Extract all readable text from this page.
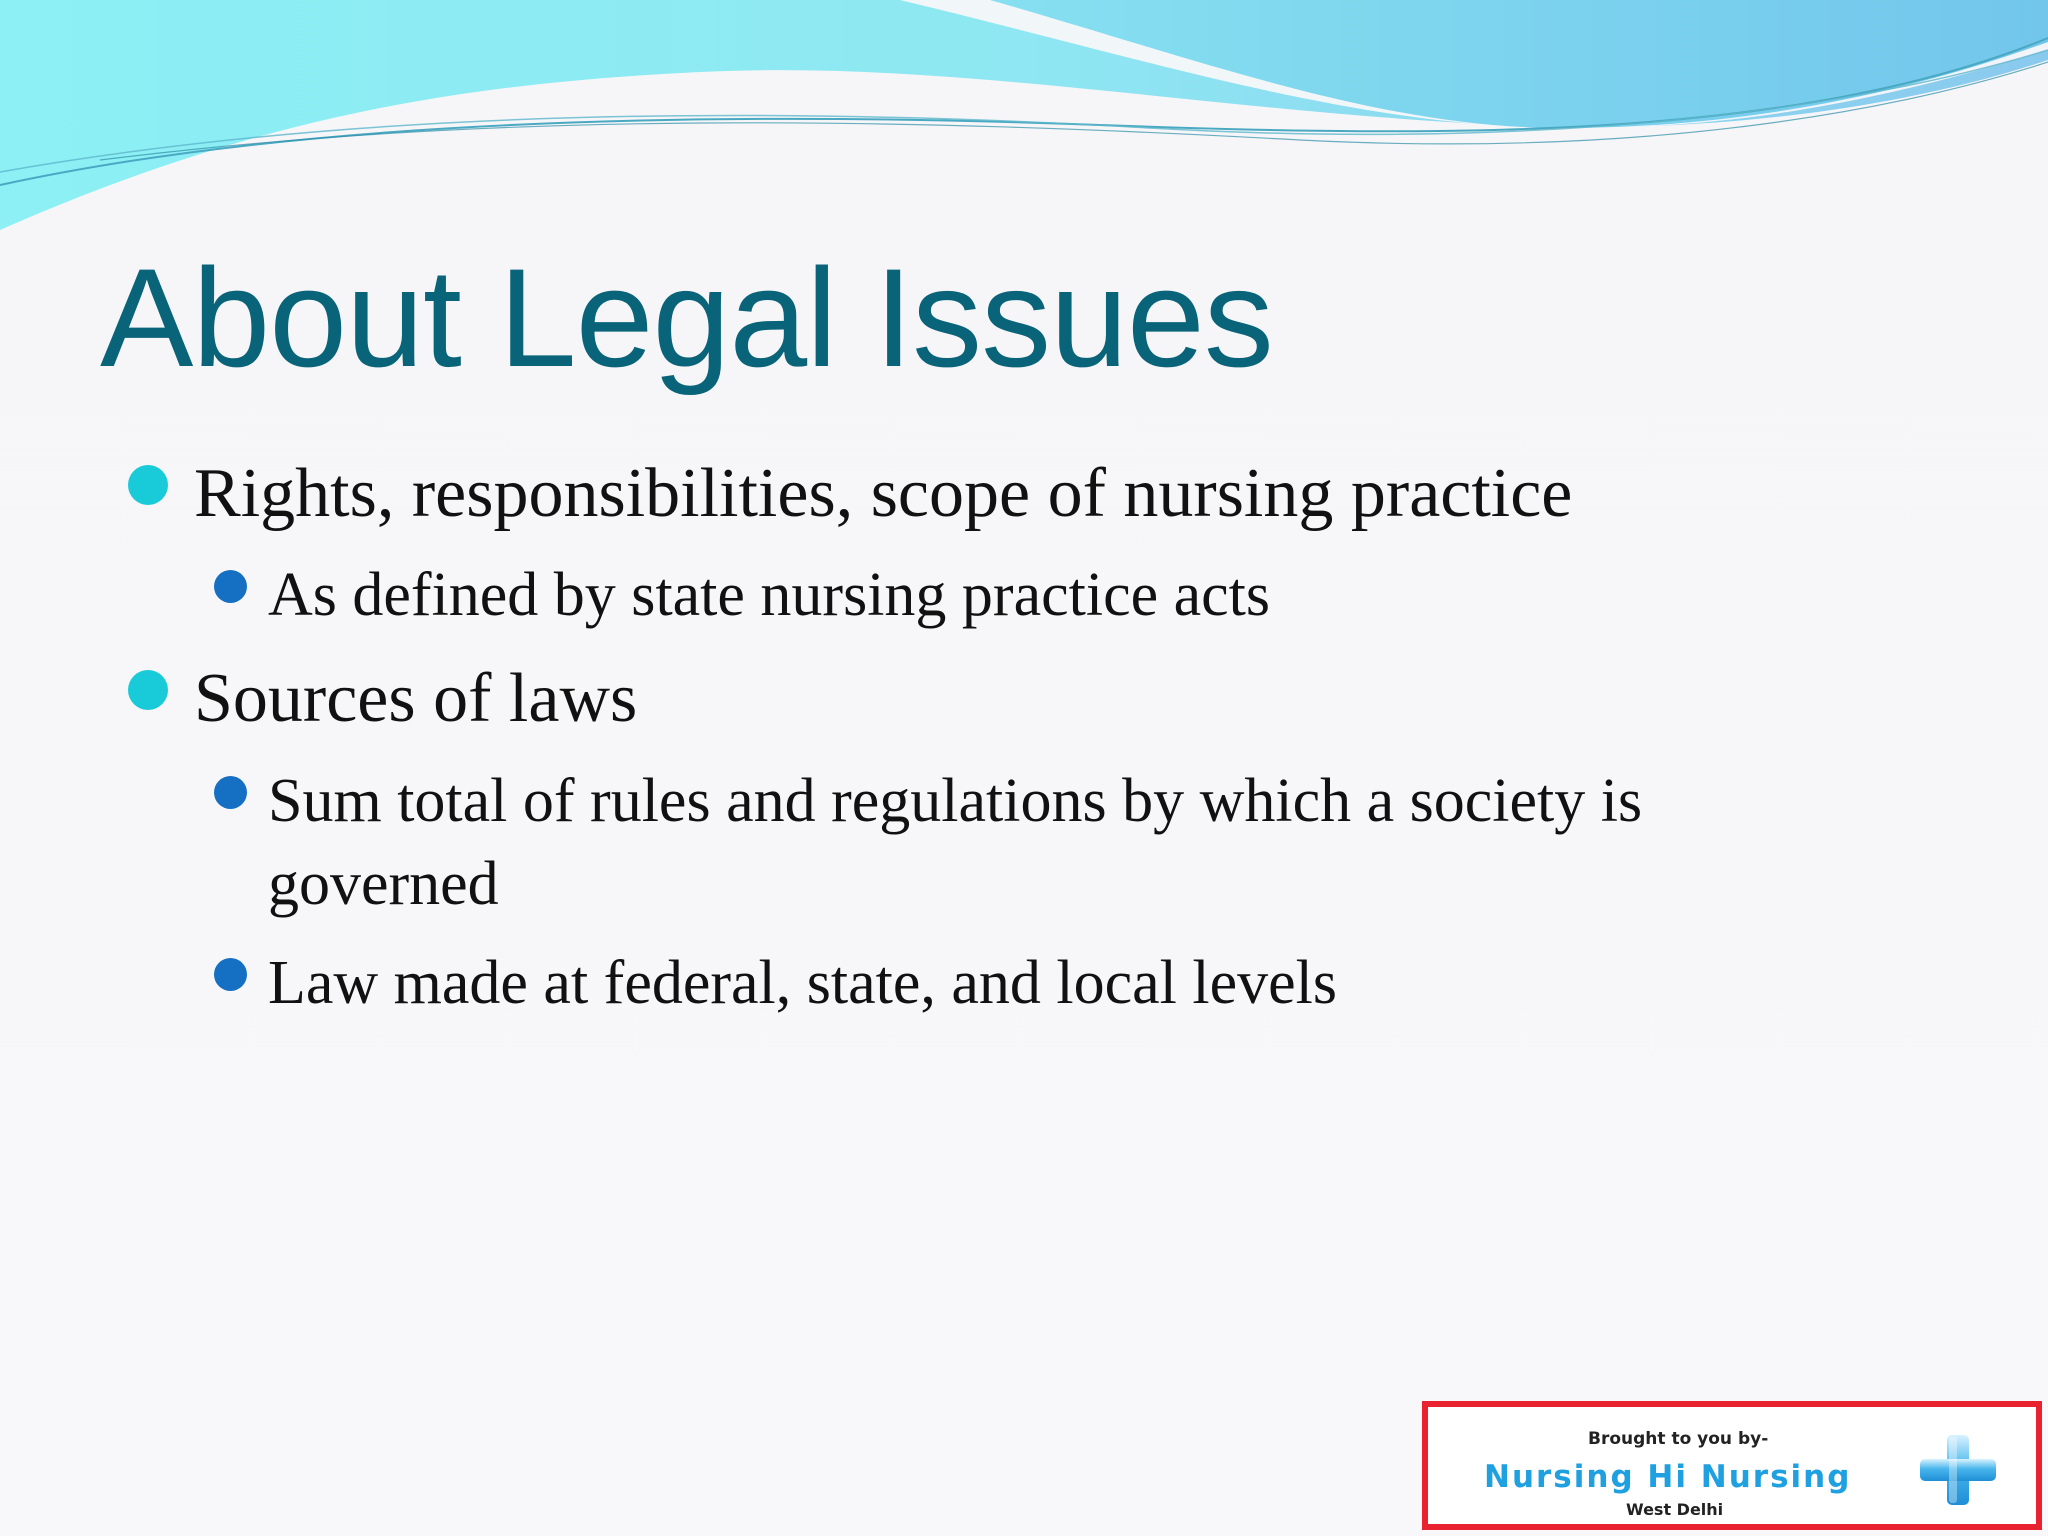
About Legal Issues
Rights, responsibilities, scope of nursing practice
As defined by state nursing practice acts
Sources of laws
Sum total of rules and regulations by which a society is
governed
Law made at federal, state, and local levels
Brought to you by-
Nursing Hi Nursing
West Delhi
